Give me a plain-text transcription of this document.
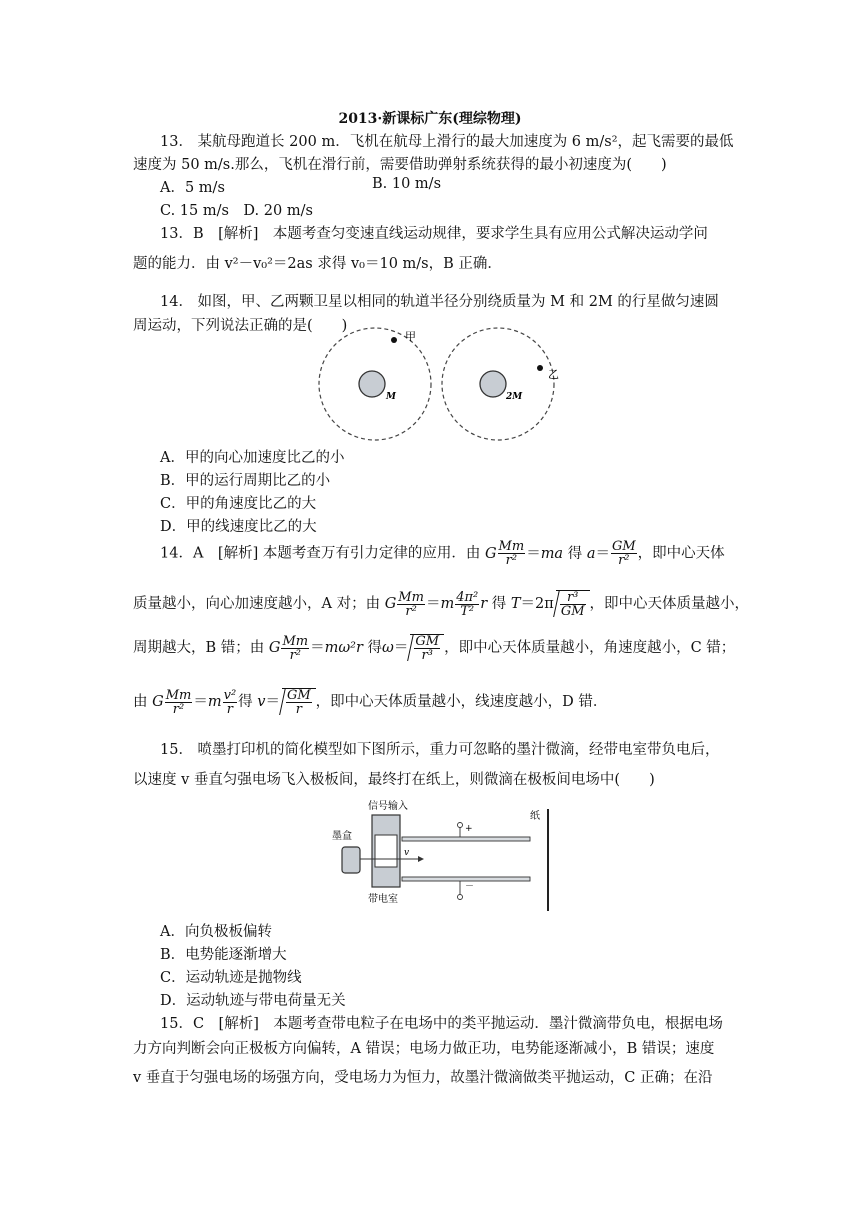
2013·新课标广东(理综物理)
13． 某航母跑道长 200 m．飞机在航母上滑行的最大加速度为 6 m/s²，起飞需要的最低
速度为 50 m/s.那么，飞机在滑行前，需要借助弹射系统获得的最小初速度为(　　)
A．5 m/s	B. 10 m/s
C. 15 m/s　D. 20 m/s
13．B　[解析]　本题考查匀变速直线运动规律，要求学生具有应用公式解决运动学问
题的能力．由 v²－v₀²＝2as 求得 v₀＝10 m/s，B 正确．
14． 如图，甲、乙两颗卫星以相同的轨道半径分别绕质量为 M 和 2M 的行星做匀速圆
周运动，下列说法正确的是(　　)
M
甲
2M
乙
A．甲的向心加速度比乙的小
B．甲的运行周期比乙的小
C．甲的角速度比乙的大
D．甲的线速度比乙的大
14．A　[解析] 本题考查万有引力定律的应用．由 G $\frac{Mm}{\text{r²}} =ma$ 得 $a= \frac{GM}{\text{r²}}$ ，即中心天体
质量越小，向心加速度越小，A 对；由 G $\frac{Mm}{\text{r²}} =m \frac{\text{4π²}}{\text{T²}}$ r 得 $T=2\pi \frac{\text{r³}}{GM}$ ，即中心天体质量越小，
周期越大，B 错；由 G $\frac{Mm}{\text{r²}} =m\omega^2r$ 得$\omega= \frac{GM}{\text{r³}}$ ，即中心天体质量越小，角速度越小，C 错；
由 G $\frac{Mm}{\text{r²}} =m \frac{\text{v²}}{r}$ 得 $v= \frac{GM}{r}$ ，即中心天体质量越小，线速度越小，D 错．
15． 喷墨打印机的简化模型如下图所示，重力可忽略的墨汁微滴，经带电室带负电后，
以速度 v 垂直匀强电场飞入极板间，最终打在纸上，则微滴在极板间电场中(　　)
信号输入
带电室
墨盒
v
+
－
纸
A．向负极板偏转
B．电势能逐渐增大
C．运动轨迹是抛物线
D．运动轨迹与带电荷量无关
15．C　[解析]　本题考查带电粒子在电场中的类平抛运动．墨汁微滴带负电，根据电场
力方向判断会向正极板方向偏转，A 错误；电场力做正功，电势能逐渐减小，B 错误；速度
v 垂直于匀强电场的场强方向，受电场力为恒力，故墨汁微滴做类平抛运动，C 正确；在沿
